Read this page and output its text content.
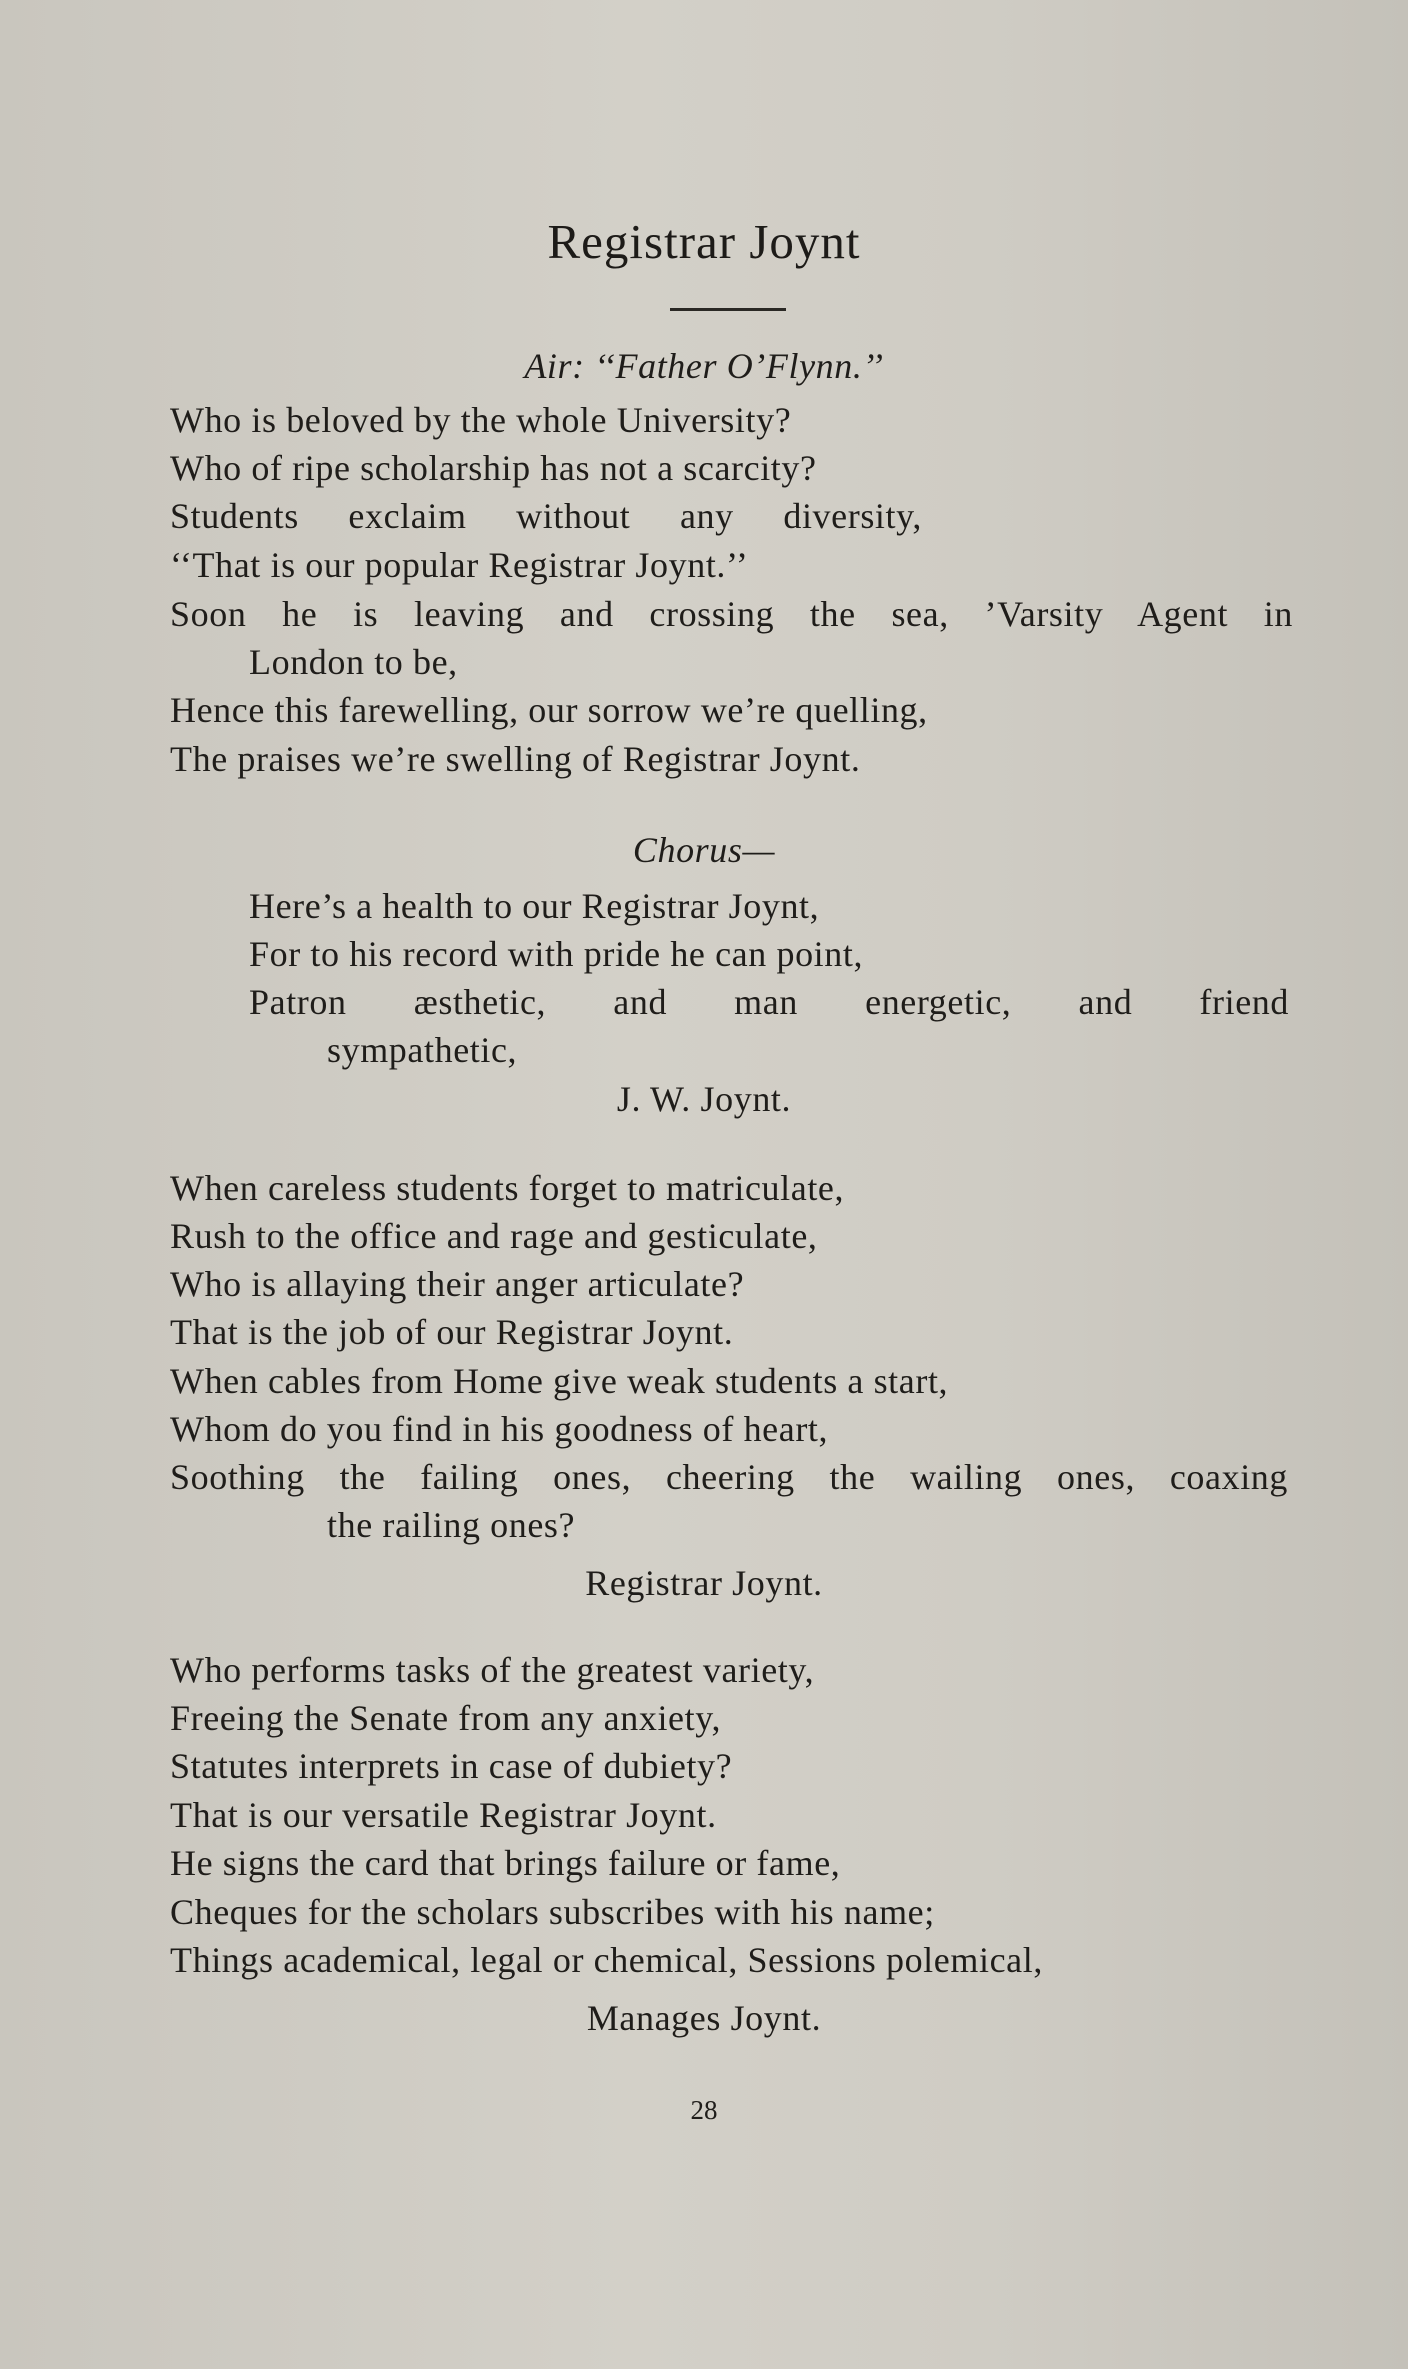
Registrar Joynt
Air: ‘‘Father O’Flynn.’’
Who is beloved by the whole University?
Who of ripe scholarship has not a scarcity?
Students exclaim without any diversity,
‘‘That is our popular Registrar Joynt.’’
Soon he is leaving and crossing the sea, ’Varsity Agent in
London to be,
Hence this farewelling, our sorrow we’re quelling,
The praises we’re swelling of Registrar Joynt.
Chorus—
Here’s a health to our Registrar Joynt,
For to his record with pride he can point,
Patron æsthetic, and man energetic, and friend
sympathetic,
J. W. Joynt.
When careless students forget to matriculate,
Rush to the office and rage and gesticulate,
Who is allaying their anger articulate?
That is the job of our Registrar Joynt.
When cables from Home give weak students a start,
Whom do you find in his goodness of heart,
Soothing the failing ones, cheering the wailing ones, coaxing
the railing ones?
Registrar Joynt.
Who performs tasks of the greatest variety,
Freeing the Senate from any anxiety,
Statutes interprets in case of dubiety?
That is our versatile Registrar Joynt.
He signs the card that brings failure or fame,
Cheques for the scholars subscribes with his name;
Things academical, legal or chemical, Sessions polemical,
Manages Joynt.
28
